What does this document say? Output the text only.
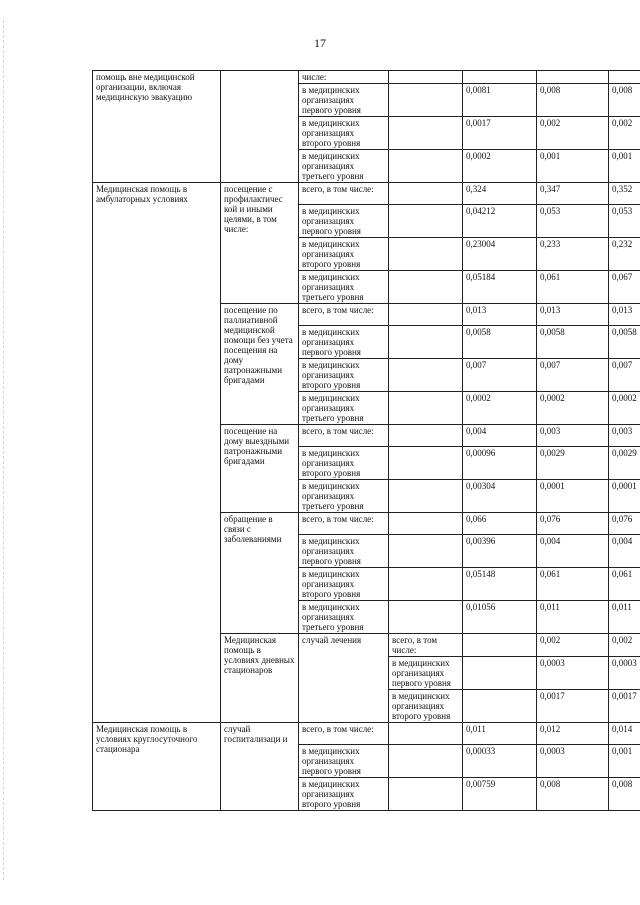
17
помощь вне медицинской организации, включая медицинскую эвакуацию		числе:					
		в медицинских организациях первого уровня		0,0081	0,008	0,008	
		в медицинских организациях второго уровня		0,0017	0,002	0,002	
		в медицинских организациях третьего уровня		0,0002	0,001	0,001	
Медицинская помощь в амбулаторных условиях	посещение с профилактичес кой и иными целями, в том числе:	всего, в том числе:		0,324	0,347	0,352	
		в медицинских организациях первого уровня		0,04212	0,053	0,053	
		в медицинских организациях второго уровня		0,23004	0,233	0,232	
		в медицинских организациях третьего уровня		0,05184	0,061	0,067	
	посещение по паллиативной медицинской помощи без учета посещения на дому патронажными бригадами	всего, в том числе:		0,013	0,013	0,013	
		в медицинских организациях первого уровня		0,0058	0,0058	0,0058	
		в медицинских организациях второго уровня		0,007	0,007	0,007	
		в медицинских организациях третьего уровня		0,0002	0,0002	0,0002	
	посещение на дому выездными патронажными бригадами	всего, в том числе:		0,004	0,003	0,003	
		в медицинских организациях второго уровня		0,00096	0,0029	0,0029	
		в медицинских организациях третьего уровня		0,00304	0,0001	0,0001	
	обращение в связи с заболеваниями	всего, в том числе:		0,066	0,076	0,076	
		в медицинских организациях первого уровня		0,00396	0,004	0,004	
		в медицинских организациях второго уровня		0,05148	0,061	0,061	
		в медицинских организациях третьего уровня		0,01056	0,011	0,011	
	Медицинская помощь в условиях дневных стационаров	случай лечения	всего, в том числе:		0,002	0,002	
			в медицинских организациях первого уровня		0,0003	0,0003	
			в медицинских организациях второго уровня		0,0017	0,0017	
Медицинская помощь в условиях круглосуточного стационара	случай госпитализаци и	всего, в том числе:		0,011	0,012	0,014	
		в медицинских организациях первого уровня		0,00033	0,0003	0,001	
		в медицинских организациях второго уровня		0,00759	0,008	0,008	
